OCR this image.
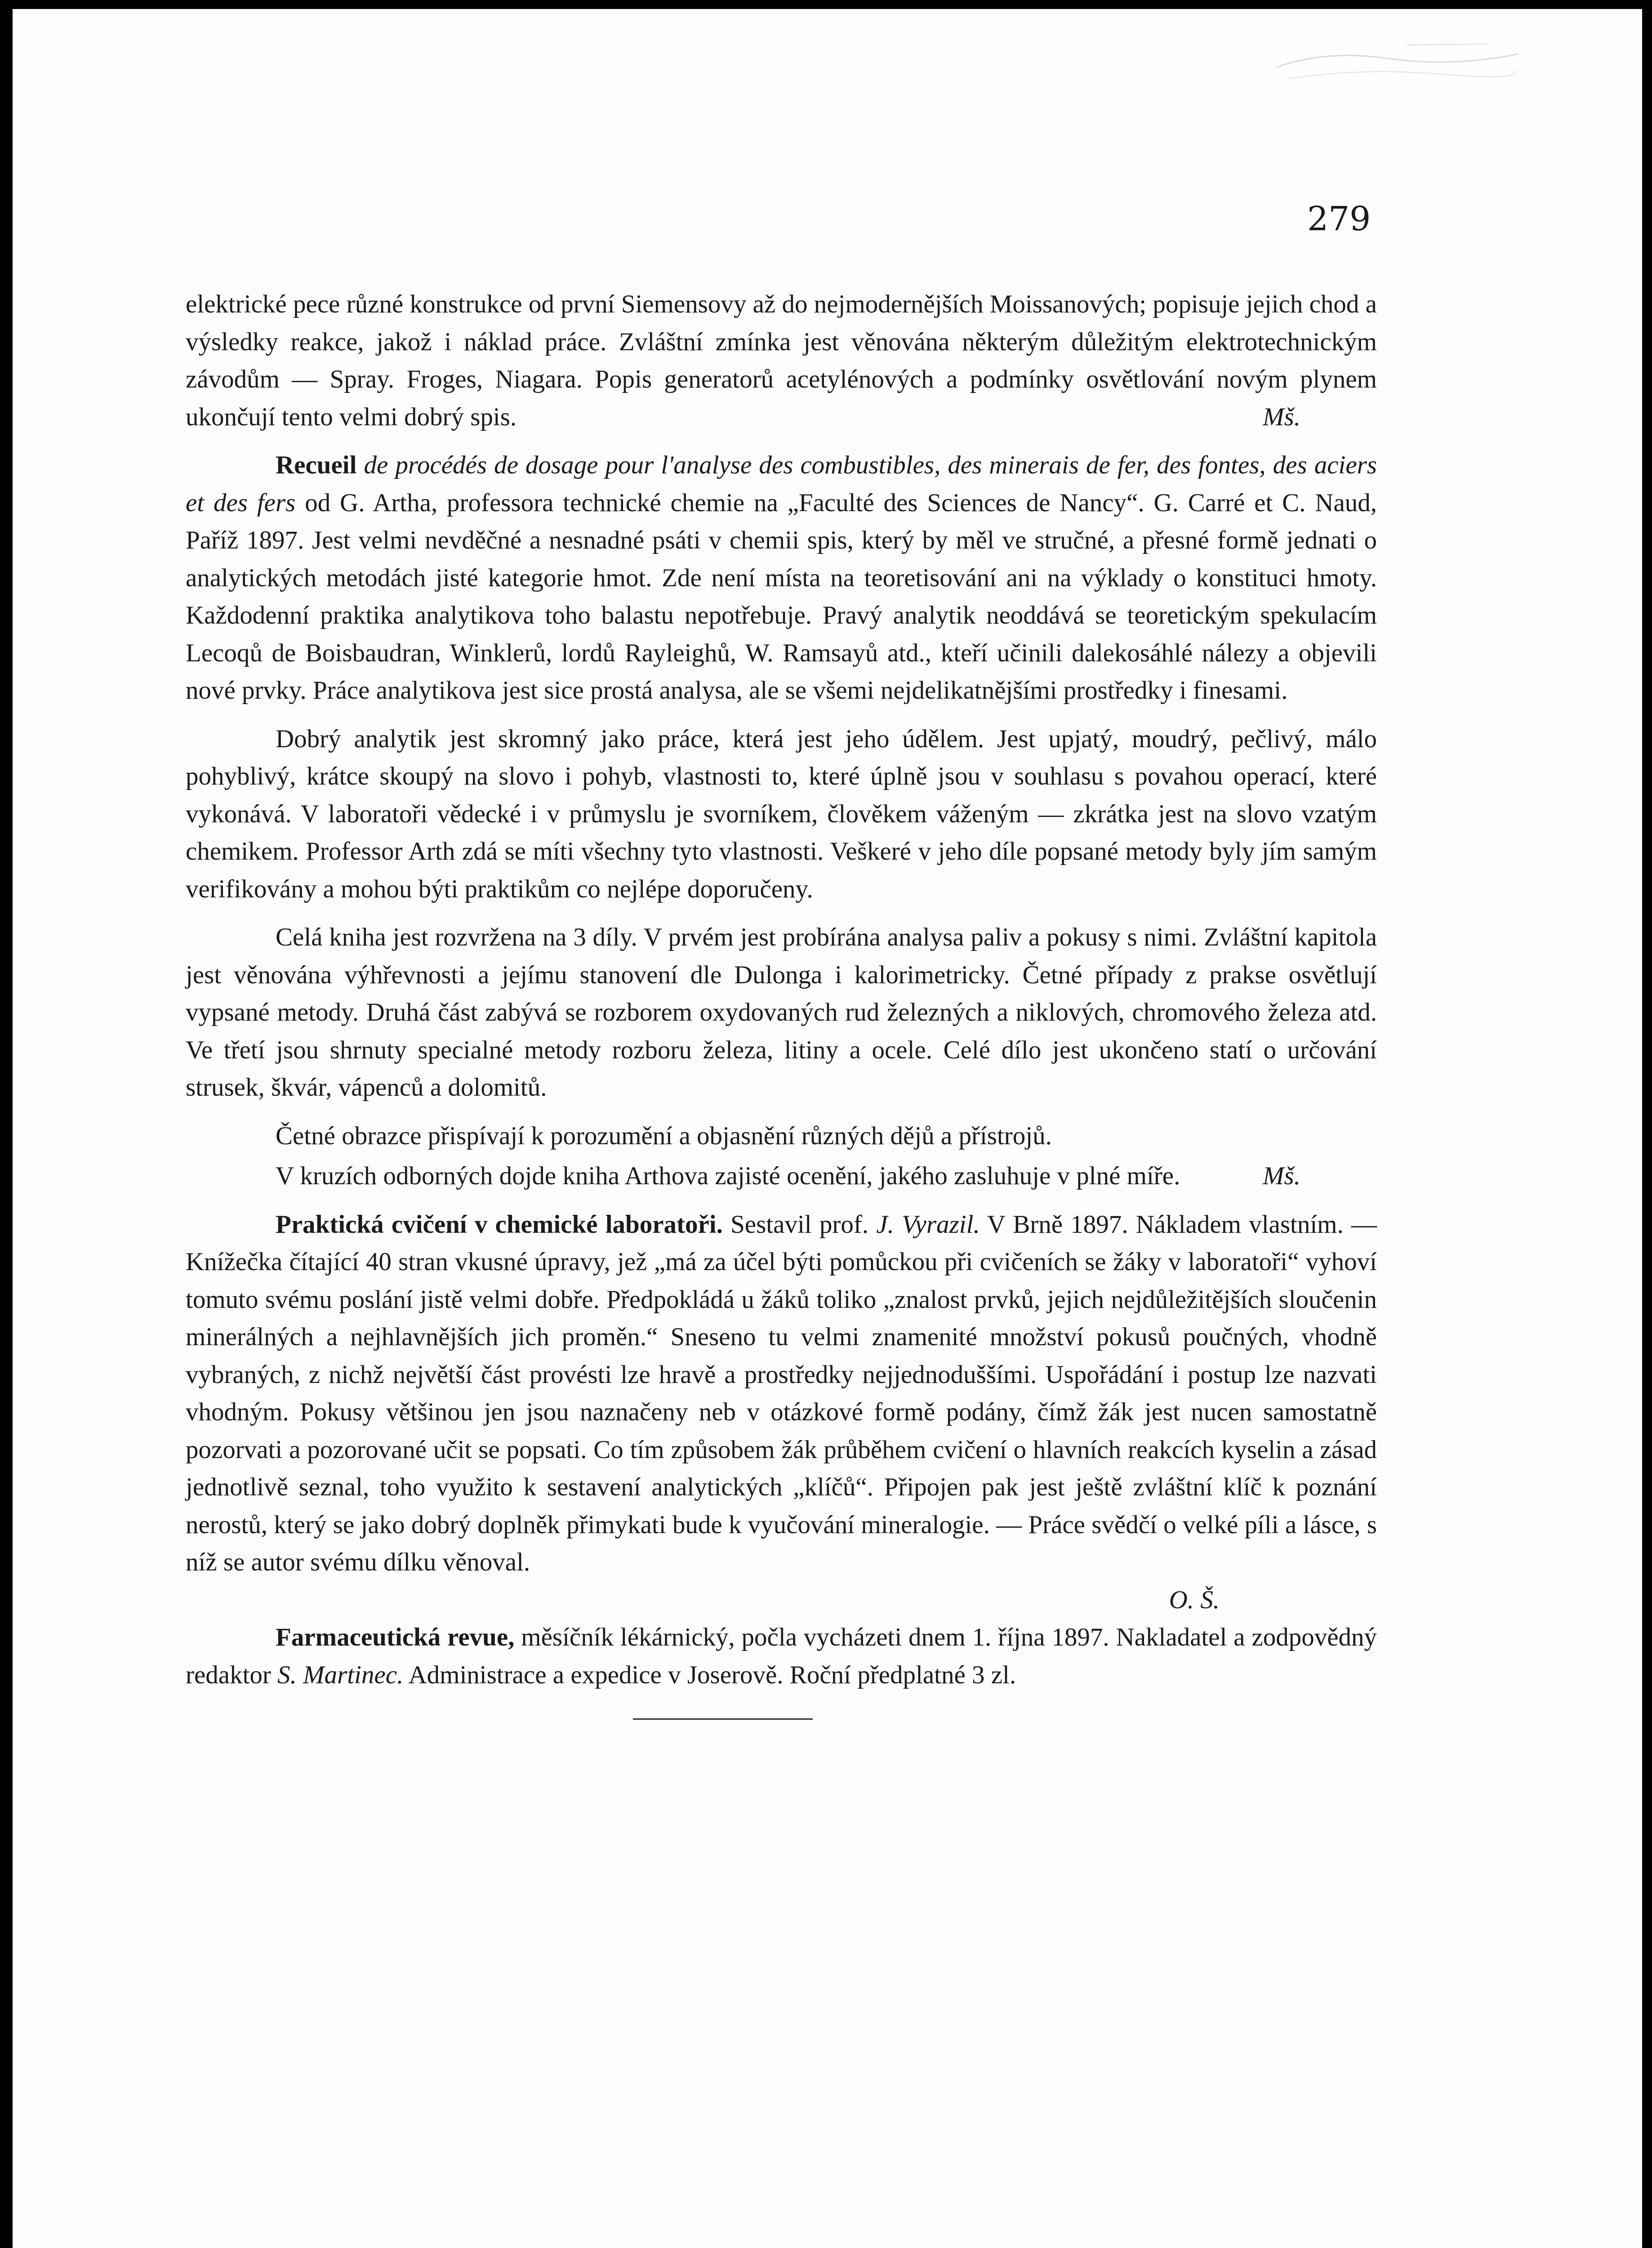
279

elektrické pece různé konstrukce od první Siemensovy až do nejmodernějších Moissanových; popisuje jejich chod a výsledky reakce, jakož i náklad práce. Zvláštní zmínka jest věnována některým důležitým elektrotechnickým závodům — Spray. Froges, Niagara. Popis generatorů acetylénových a podmínky osvětlování novým plynem ukončují tento velmi dobrý spis.	Mš.

Recueil de procédés de dosage pour l'analyse des combustibles, des minerais de fer, des fontes, des aciers et des fers od G. Artha, professora technické chemie na „Faculté des Sciences de Nancy“. G. Carré et C. Naud, Paříž 1897. Jest velmi nevděčné a nesnadné psáti v chemii spis, který by měl ve stručné, a přesné formě jednati o analytických metodách jisté kategorie hmot. Zde není místa na teoretisování ani na výklady o konstituci hmoty. Každodenní praktika analytikova toho balastu nepotřebuje. Pravý analytik neoddává se teoretickým spekulacím Lecoqů de Boisbaudran, Winklerů, lordů Rayleighů, W. Ramsayů atd., kteří učinili dalekosáhlé nálezy a objevili nové prvky. Práce analytikova jest sice prostá analysa, ale se všemi nejdelikatnějšími prostředky i finesami.

Dobrý analytik jest skromný jako práce, která jest jeho údělem. Jest upjatý, moudrý, pečlivý, málo pohyblivý, krátce skoupý na slovo i pohyb, vlastnosti to, které úplně jsou v souhlasu s povahou operací, které vykonává. V laboratoři vědecké i v průmyslu je svorníkem, člověkem váženým — zkrátka jest na slovo vzatým chemikem. Professor Arth zdá se míti všechny tyto vlastnosti. Veškeré v jeho díle popsané metody byly jím samým verifikovány a mohou býti praktikům co nejlépe doporučeny.

Celá kniha jest rozvržena na 3 díly. V prvém jest probírána analysa paliv a pokusy s nimi. Zvláštní kapitola jest věnována výhřevnosti a jejímu stanovení dle Dulonga i kalorimetricky. Četné případy z prakse osvětlují vypsané metody. Druhá část zabývá se rozborem oxydovaných rud železných a niklových, chromového železa atd. Ve třetí jsou shrnuty specialné metody rozboru železa, litiny a ocele. Celé dílo jest ukončeno statí o určování strusek, škvár, vápenců a dolomitů.

Četné obrazce přispívají k porozumění a objasnění různých dějů a přístrojů.

V kruzích odborných dojde kniha Arthova zajisté ocenění, jakého zasluhuje v plné míře.	Mš.

Praktická cvičení v chemické laboratoři. Sestavil prof. J. Vyrazil. V Brně 1897. Nákladem vlastním. — Knížečka čítající 40 stran vkusné úpravy, jež „má za účel býti pomůckou při cvičeních se žáky v laboratoři“ vyhoví tomuto svému poslání jistě velmi dobře. Předpokládá u žáků toliko „znalost prvků, jejich nejdůležitějších sloučenin minerálných a nejhlavnějších jich proměn.“ Sneseno tu velmi znamenité množství pokusů poučných, vhodně vybraných, z nichž největší část provésti lze hravě a prostředky nejjednoduššími. Uspořádání i postup lze nazvati vhodným. Pokusy většinou jen jsou naznačeny neb v otázkové formě podány, čímž žák jest nucen samostatně pozorvati a pozorované učit se popsati. Co tím způsobem žák průběhem cvičení o hlavních reakcích kyselin a zásad jednotlivě seznal, toho využito k sestavení analytických „klíčů“. Připojen pak jest ještě zvláštní klíč k poznání nerostů, který se jako dobrý doplněk přimykati bude k vyučování mineralogie. — Práce svědčí o velké píli a lásce, s níž se autor svému dílku věnoval.

O. Š.

Farmaceutická revue, měsíčník lékárnický, počla vycházeti dnem 1. října 1897. Nakladatel a zodpovědný redaktor S. Martinec. Administrace a expedice v Joserově. Roční předplatné 3 zl.
